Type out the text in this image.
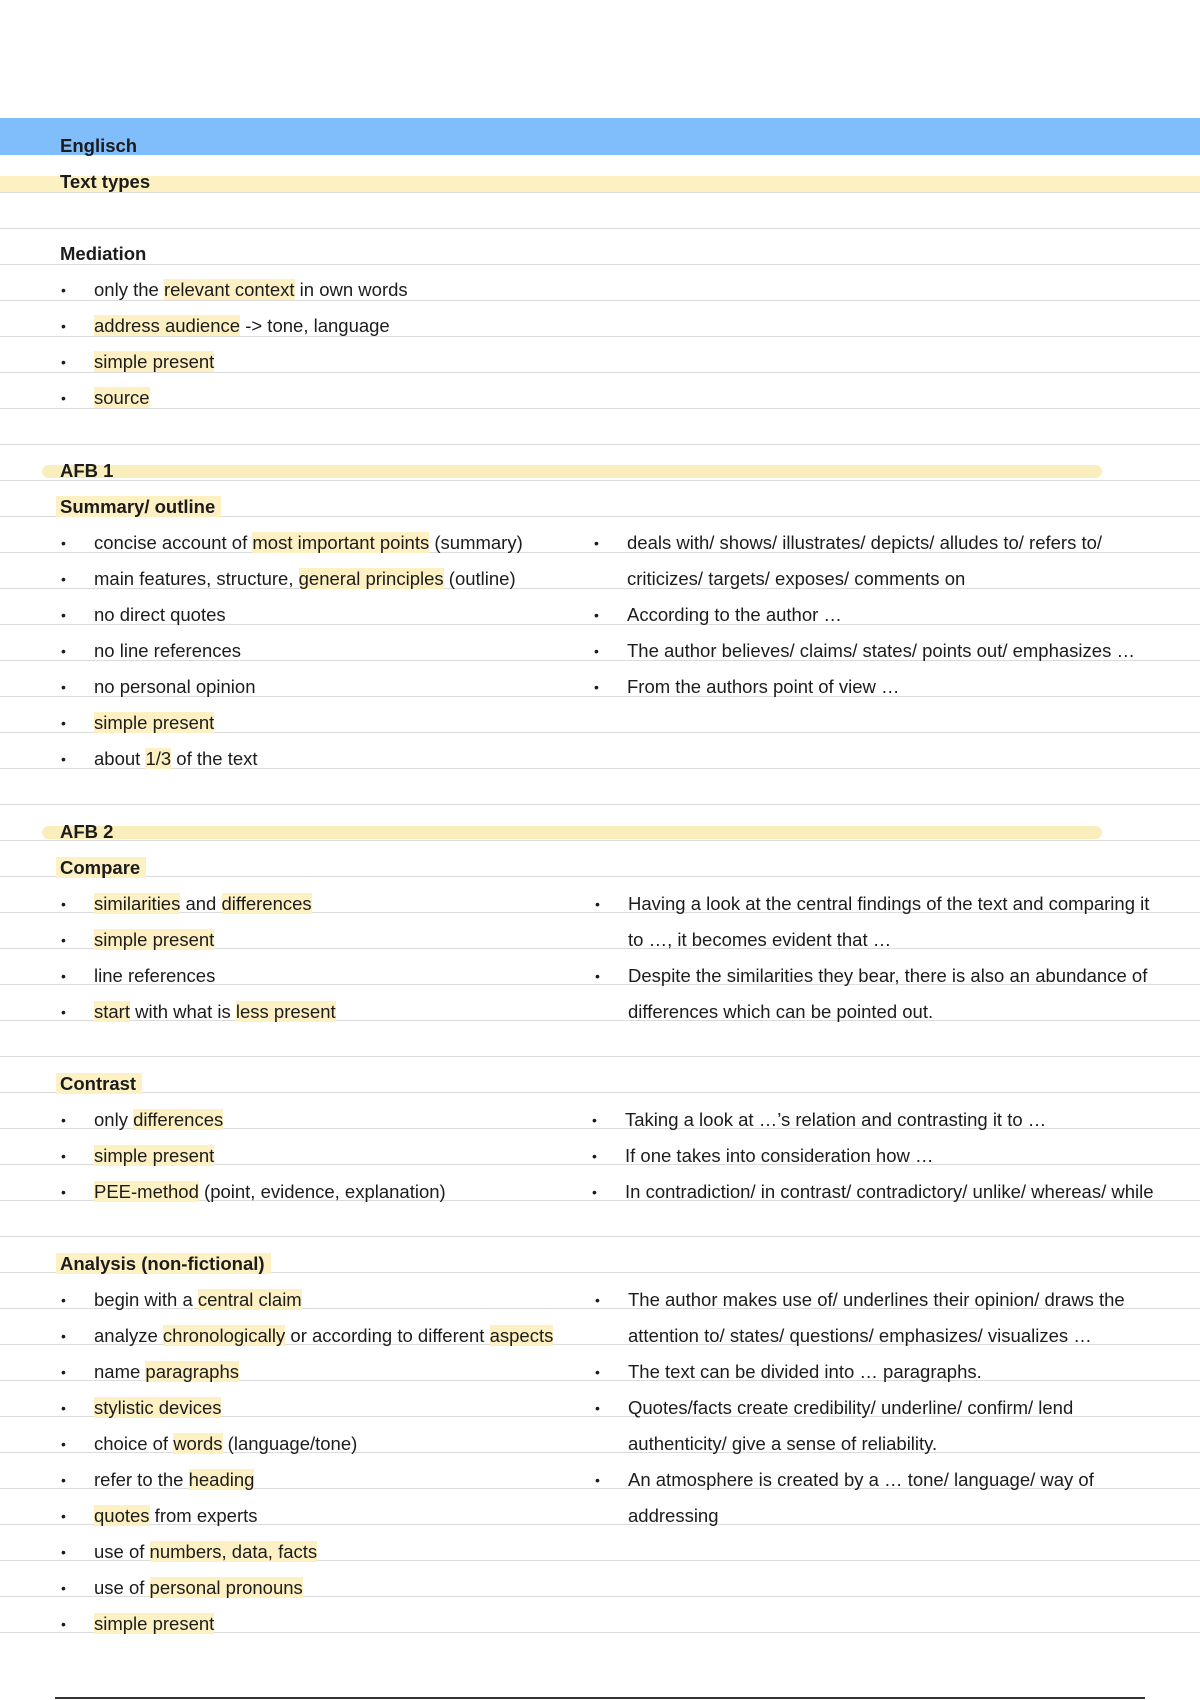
Englisch
Text types
Mediation
• only the relevant context in own words
• address audience -> tone, language
• simple present
• source
AFB 1
Summary/ outline
• concise account of most important points (summary)
• main features, structure, general principles (outline)
• no direct quotes
• no line references
• no personal opinion
• simple present
• about 1/3 of the text
• deals with/ shows/ illustrates/ depicts/ alludes to/ refers to/
criticizes/ targets/ exposes/ comments on
• According to the author …
• The author believes/ claims/ states/ points out/ emphasizes …
• From the authors point of view …
AFB 2
Compare
• similarities and differences
• simple present
• line references
• start with what is less present
• Having a look at the central findings of the text and comparing it
to …, it becomes evident that …
• Despite the similarities they bear, there is also an abundance of
differences which can be pointed out.
Contrast
• only differences
• simple present
• PEE-method (point, evidence, explanation)
• Taking a look at …’s relation and contrasting it to …
• If one takes into consideration how …
• In contradiction/ in contrast/ contradictory/ unlike/ whereas/ while
Analysis (non-fictional)
• begin with a central claim
• analyze chronologically or according to different aspects
• name paragraphs
• stylistic devices
• choice of words (language/tone)
• refer to the heading
• quotes from experts
• use of numbers, data, facts
• use of personal pronouns
• simple present
• The author makes use of/ underlines their opinion/ draws the
attention to/ states/ questions/ emphasizes/ visualizes …
• The text can be divided into … paragraphs.
• Quotes/facts create credibility/ underline/ confirm/ lend
authenticity/ give a sense of reliability.
• An atmosphere is created by a … tone/ language/ way of
addressing
